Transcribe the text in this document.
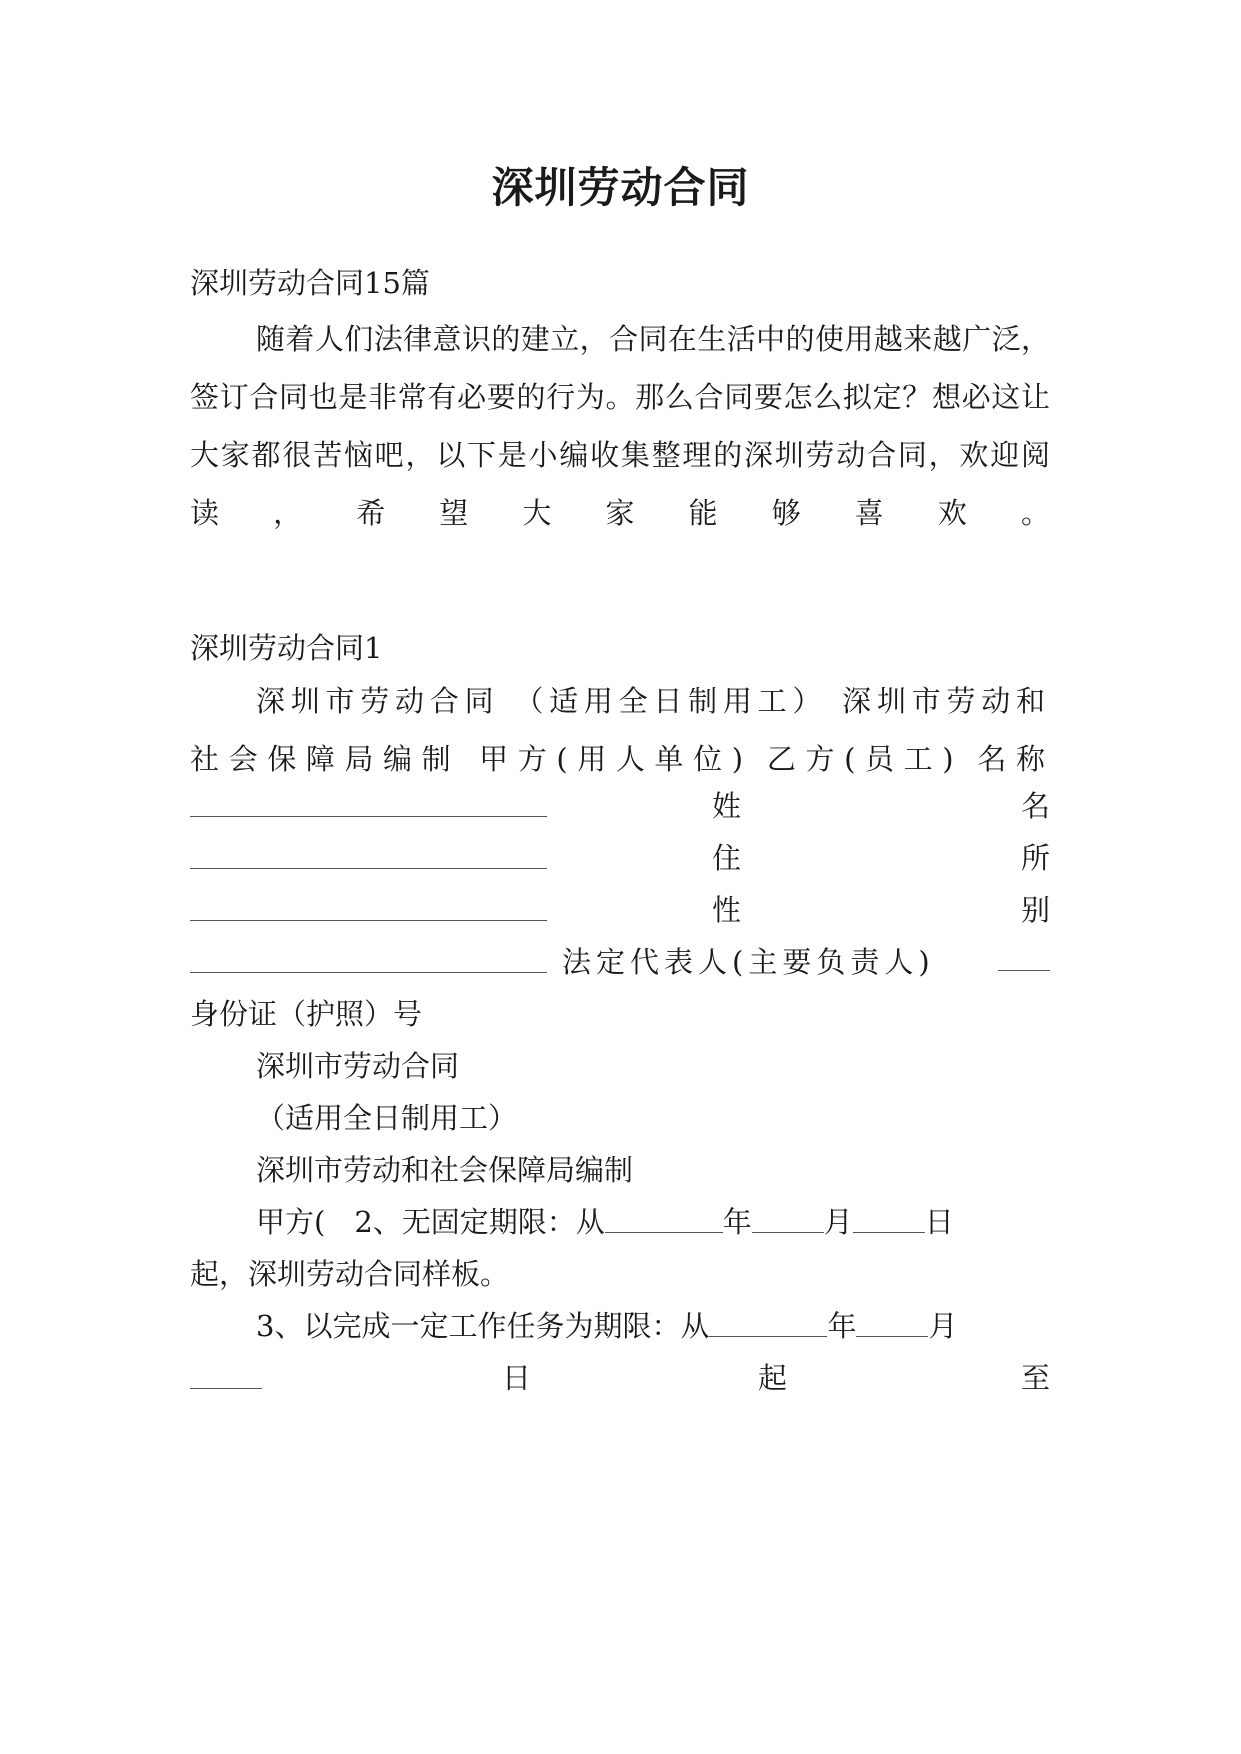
深圳劳动合同
深圳劳动合同15篇
随着人们法律意识的建立，合同在生活中的使用越来越广泛，签订合同也是非常有必要的行为。那么合同要怎么拟定？想必这让大家都很苦恼吧，以下是小编收集整理的深圳劳动合同，欢迎阅读，希望大家能够喜欢。
深圳劳动合同1
深圳市劳动合同 （适用全日制用工） 深圳市劳动和社会保障局编制 甲方(用人单位) 乙方(员工) 名称
姓	名
住	所
性	别
法定代表人(主要负责人)
身份证（护照）号
深圳市劳动合同
（适用全日制用工）
深圳市劳动和社会保障局编制
甲方(　2、无固定期限：从	年 月 日
起，深圳劳动合同样板。
3、以完成一定工作任务为期限：从	年 月
日	起	至
